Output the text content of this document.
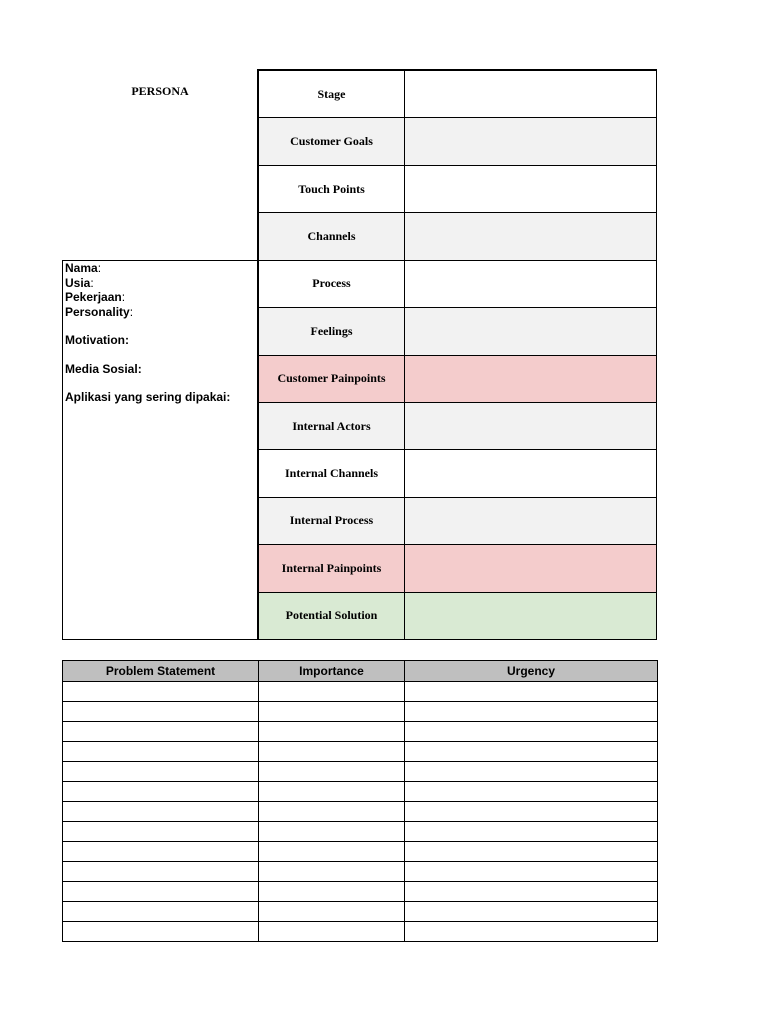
PERSONA
Nama:
Usia:
Pekerjaan:
Personality:
Motivation:
Media Sosial:
Aplikasi yang sering dipakai:
Stage
Customer Goals
Touch Points
Channels
Process
Feelings
Customer Painpoints
Internal Actors
Internal Channels
Internal Process
Internal Painpoints
Potential Solution
Problem Statement	Importance	Urgency
